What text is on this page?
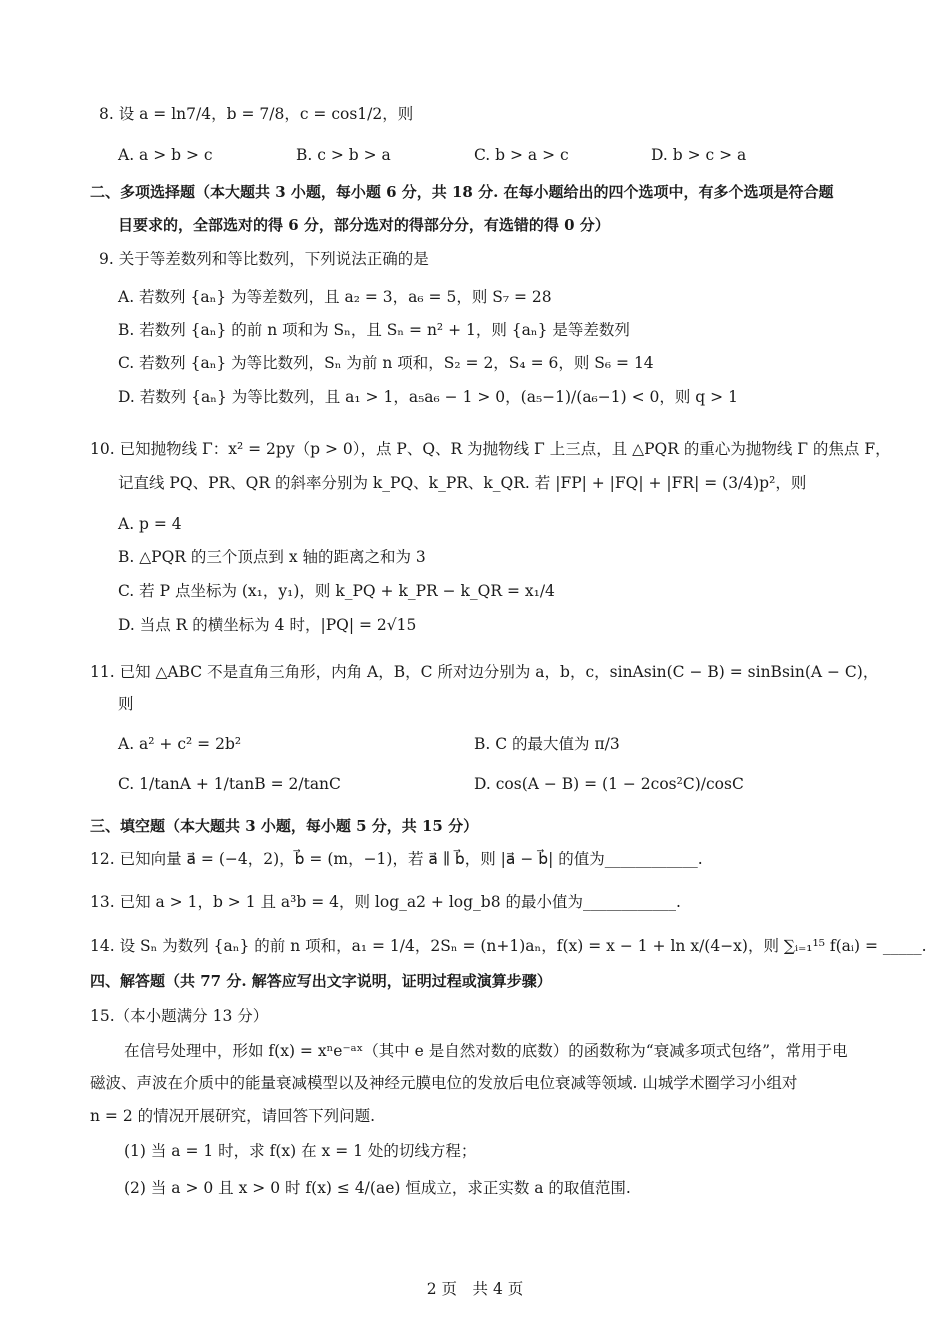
8. 设 a = ln7/4，b = 7/8，c = cos1/2，则
A. a > b > c	B. c > b > a	C. b > a > c	D. b > c > a
二、多项选择题（本大题共 3 小题，每小题 6 分，共 18 分. 在每小题给出的四个选项中，有多个选项是符合题
目要求的，全部选对的得 6 分，部分选对的得部分分，有选错的得 0 分）
9. 关于等差数列和等比数列，下列说法正确的是
A. 若数列 {aₙ} 为等差数列，且 a₂ = 3，a₆ = 5，则 S₇ = 28
B. 若数列 {aₙ} 的前 n 项和为 Sₙ，且 Sₙ = n² + 1，则 {aₙ} 是等差数列
C. 若数列 {aₙ} 为等比数列，Sₙ 为前 n 项和，S₂ = 2，S₄ = 6，则 S₆ = 14
D. 若数列 {aₙ} 为等比数列，且 a₁ > 1，a₅a₆ − 1 > 0，(a₅−1)/(a₆−1) < 0，则 q > 1
10. 已知抛物线 Γ：x² = 2py（p > 0），点 P、Q、R 为抛物线 Γ 上三点，且 △PQR 的重心为抛物线 Γ 的焦点 F，
记直线 PQ、PR、QR 的斜率分别为 k_PQ、k_PR、k_QR. 若 |FP| + |FQ| + |FR| = (3/4)p²，则
A. p = 4
B. △PQR 的三个顶点到 x 轴的距离之和为 3
C. 若 P 点坐标为 (x₁，y₁)，则 k_PQ + k_PR − k_QR = x₁/4
D. 当点 R 的横坐标为 4 时，|PQ| = 2√15
11. 已知 △ABC 不是直角三角形，内角 A，B，C 所对边分别为 a，b，c，sinAsin(C − B) = sinBsin(A − C)，
则
A. a² + c² = 2b²	B. C 的最大值为 π/3
C. 1/tanA + 1/tanB = 2/tanC	D. cos(A − B) = (1 − 2cos²C)/cosC
三、填空题（本大题共 3 小题，每小题 5 分，共 15 分）
12. 已知向量 a⃗ = (−4，2)，b⃗ = (m，−1)，若 a⃗ ∥ b⃗，则 |a⃗ − b⃗| 的值为____________.
13. 已知 a > 1，b > 1 且 a³b = 4，则 log_a2 + log_b8 的最小值为____________.
14. 设 Sₙ 为数列 {aₙ} 的前 n 项和，a₁ = 1/4，2Sₙ = (n+1)aₙ，f(x) = x − 1 + ln x/(4−x)，则 ∑ᵢ₌₁¹⁵ f(aᵢ) = _____.
四、解答题（共 77 分. 解答应写出文字说明，证明过程或演算步骤）
15.（本小题满分 13 分）
在信号处理中，形如 f(x) = xⁿe⁻ᵃˣ（其中 e 是自然对数的底数）的函数称为“衰减多项式包络”，常用于电
磁波、声波在介质中的能量衰减模型以及神经元膜电位的发放后电位衰减等领域. 山城学术圈学习小组对
n = 2 的情况开展研究，请回答下列问题.
(1) 当 a = 1 时，求 f(x) 在 x = 1 处的切线方程；
(2) 当 a > 0 且 x > 0 时 f(x) ≤ 4/(ae) 恒成立，求正实数 a 的取值范围.
2 页　共 4 页
